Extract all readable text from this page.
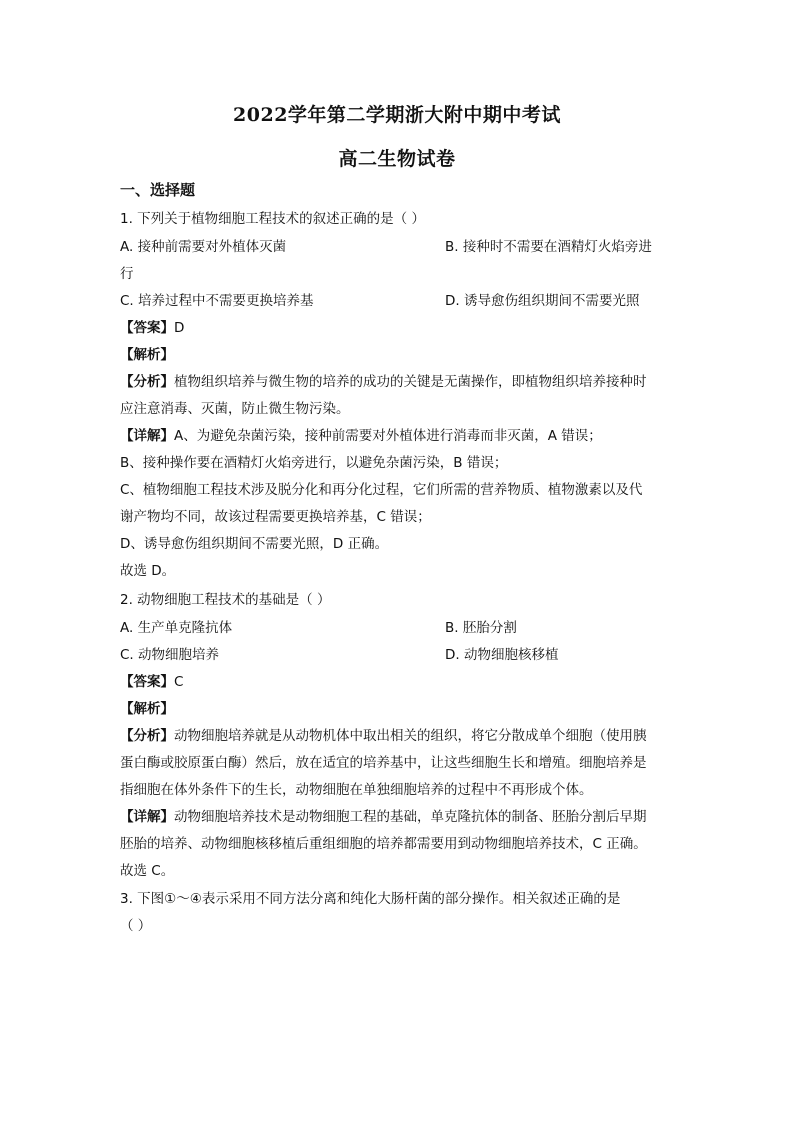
2022学年第二学期浙大附中期中考试
高二生物试卷
一、选择题
1. 下列关于植物细胞工程技术的叙述正确的是（ ）
A. 接种前需要对外植体灭菌	B. 接种时不需要在酒精灯火焰旁进
行
C. 培养过程中不需要更换培养基	D. 诱导愈伤组织期间不需要光照
【答案】D
【解析】
【分析】植物组织培养与微生物的培养的成功的关键是无菌操作，即植物组织培养接种时
应注意消毒、灭菌，防止微生物污染。
【详解】A、为避免杂菌污染，接种前需要对外植体进行消毒而非灭菌，A 错误；
B、接种操作要在酒精灯火焰旁进行，以避免杂菌污染，B 错误；
C、植物细胞工程技术涉及脱分化和再分化过程，它们所需的营养物质、植物激素以及代
谢产物均不同，故该过程需要更换培养基，C 错误；
D、诱导愈伤组织期间不需要光照，D 正确。
故选 D。
2. 动物细胞工程技术的基础是（ ）
A. 生产单克隆抗体	B. 胚胎分割
C. 动物细胞培养	D. 动物细胞核移植
【答案】C
【解析】
【分析】动物细胞培养就是从动物机体中取出相关的组织，将它分散成单个细胞（使用胰
蛋白酶或胶原蛋白酶）然后，放在适宜的培养基中，让这些细胞生长和增殖。细胞培养是
指细胞在体外条件下的生长，动物细胞在单独细胞培养的过程中不再形成个体。
【详解】动物细胞培养技术是动物细胞工程的基础，单克隆抗体的制备、胚胎分割后早期
胚胎的培养、动物细胞核移植后重组细胞的培养都需要用到动物细胞培养技术，C 正确。
故选 C。
3. 下图①～④表示采用不同方法分离和纯化大肠杆菌的部分操作。相关叙述正确的是
（ ）
